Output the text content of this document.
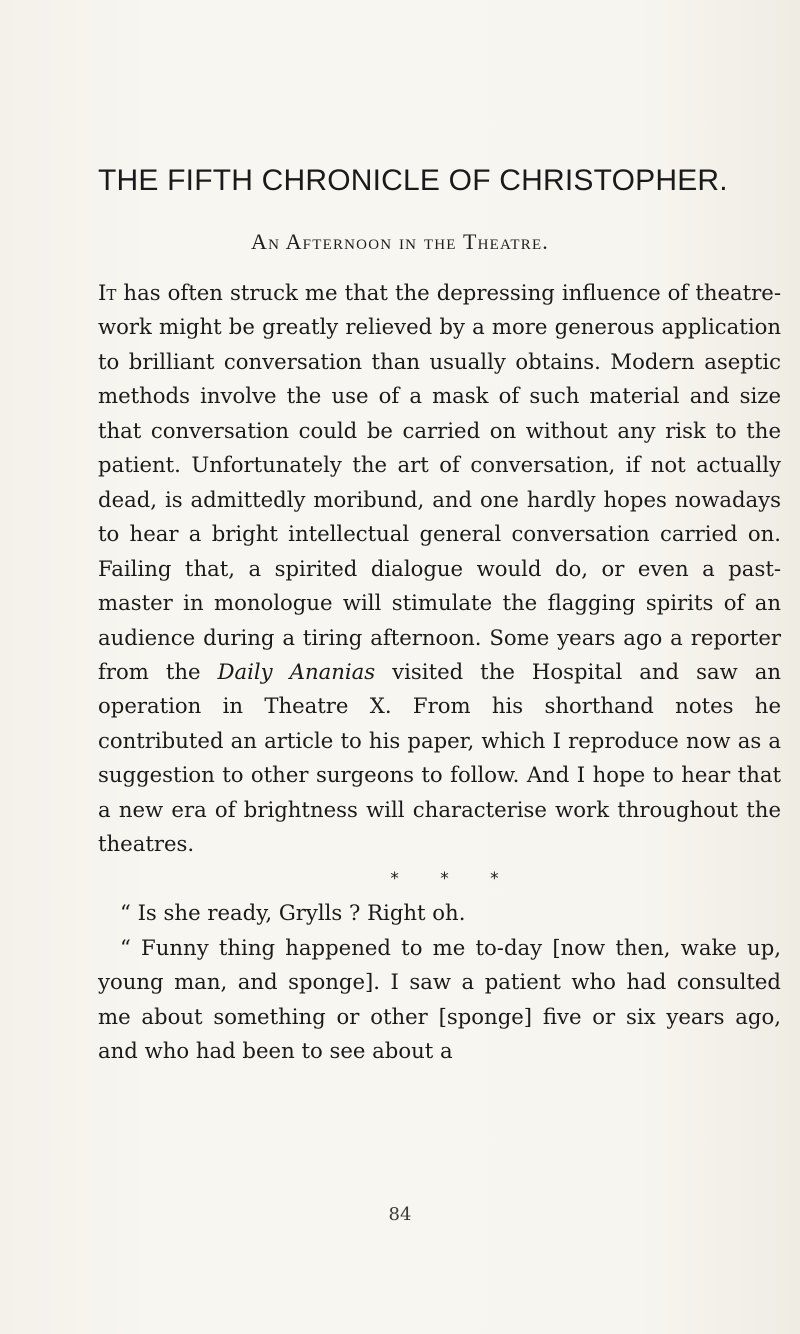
THE FIFTH CHRONICLE OF CHRISTOPHER.
An Afternoon in the Theatre.

It has often struck me that the depressing influence of theatre-work might be greatly relieved by a more generous application to brilliant conversation than usually obtains. Modern aseptic methods involve the use of a mask of such material and size that conversation could be carried on without any risk to the patient. Unfortunately the art of conversation, if not actually dead, is admittedly moribund, and one hardly hopes nowadays to hear a bright intellectual general conversation carried on. Failing that, a spirited dialogue would do, or even a past-master in monologue will stimulate the flagging spirits of an audience during a tiring afternoon. Some years ago a reporter from the Daily Ananias visited the Hospital and saw an operation in Theatre X. From his shorthand notes he contributed an article to his paper, which I reproduce now as a suggestion to other surgeons to follow. And I hope to hear that a new era of brightness will characterise work throughout the theatres.

* * *

“ Is she ready, Grylls ? Right oh.

“ Funny thing happened to me to-day [now then, wake up, young man, and sponge]. I saw a patient who had consulted me about something or other [sponge] five or six years ago, and who had been to see about a

84
